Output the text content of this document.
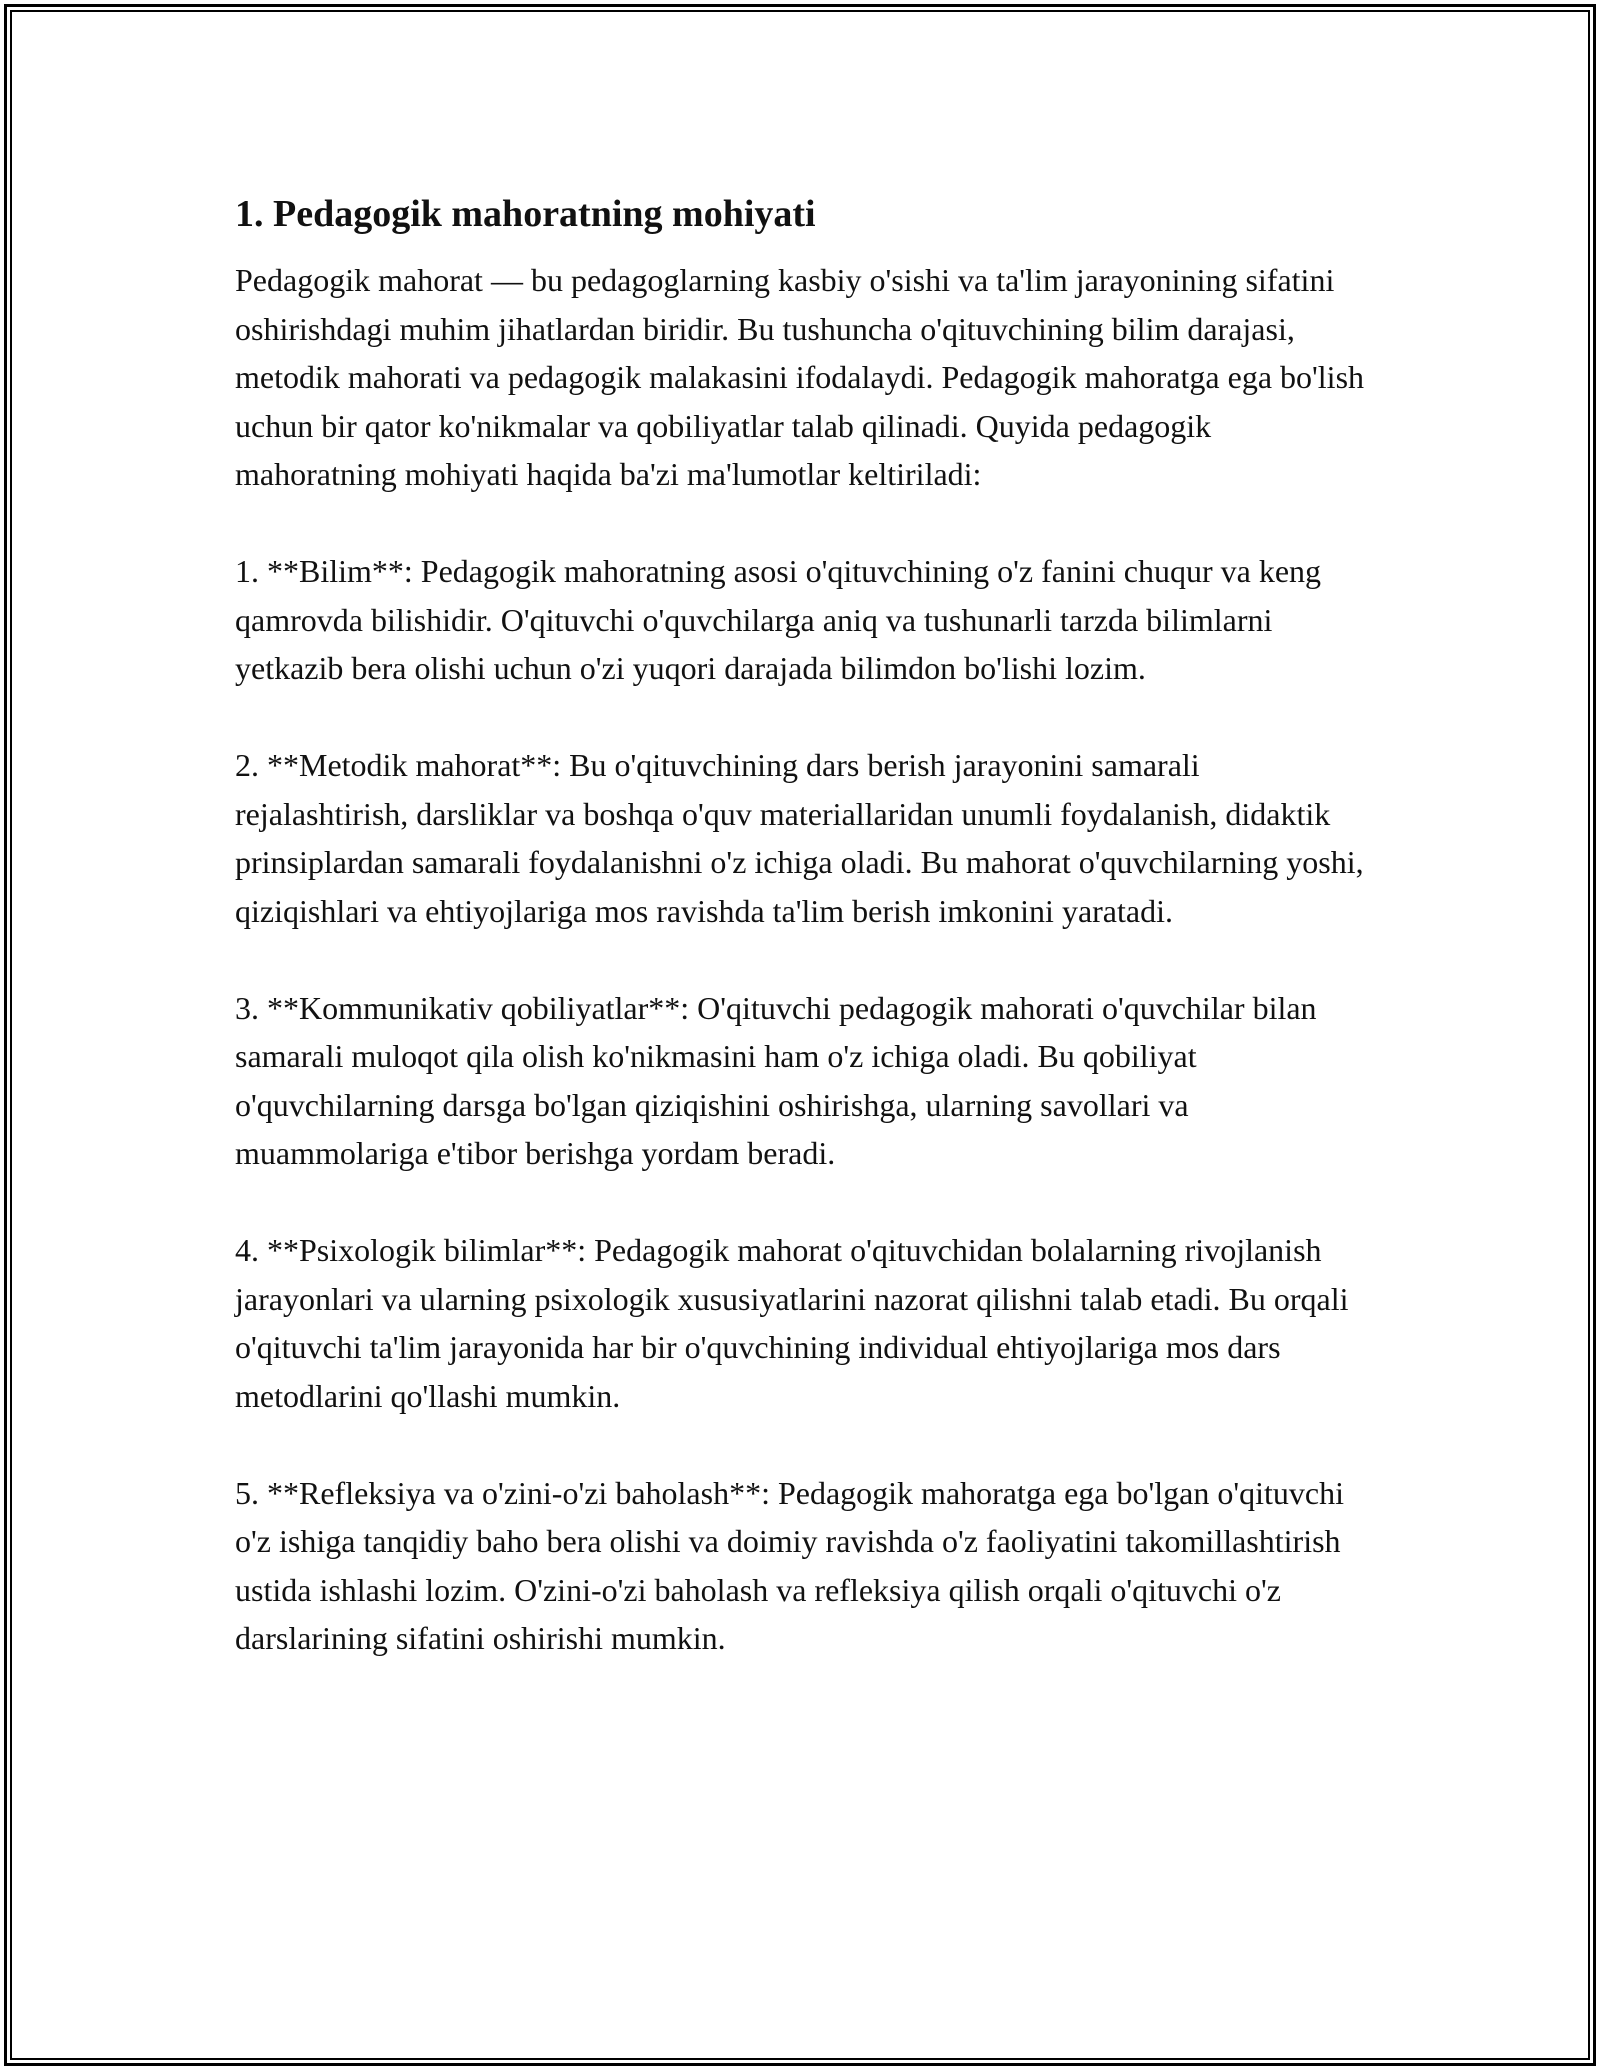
1. Pedagogik mahoratning mohiyati

Pedagogik mahorat — bu pedagoglarning kasbiy o'sishi va ta'lim jarayonining sifatini oshirishdagi muhim jihatlardan biridir. Bu tushuncha o'qituvchining bilim darajasi, metodik mahorati va pedagogik malakasini ifodalaydi. Pedagogik mahoratga ega bo'lish uchun bir qator ko'nikmalar va qobiliyatlar talab qilinadi. Quyida pedagogik mahoratning mohiyati haqida ba'zi ma'lumotlar keltiriladi:

1. **Bilim**: Pedagogik mahoratning asosi o'qituvchining o'z fanini chuqur va keng qamrovda bilishidir. O'qituvchi o'quvchilarga aniq va tushunarli tarzda bilimlarni yetkazib bera olishi uchun o'zi yuqori darajada bilimdon bo'lishi lozim.

2. **Metodik mahorat**: Bu o'qituvchining dars berish jarayonini samarali rejalashtirish, darsliklar va boshqa o'quv materiallaridan unumli foydalanish, didaktik prinsiplardan samarali foydalanishni o'z ichiga oladi. Bu mahorat o'quvchilarning yoshi, qiziqishlari va ehtiyojlariga mos ravishda ta'lim berish imkonini yaratadi.

3. **Kommunikativ qobiliyatlar**: O'qituvchi pedagogik mahorati o'quvchilar bilan samarali muloqot qila olish ko'nikmasini ham o'z ichiga oladi. Bu qobiliyat o'quvchilarning darsga bo'lgan qiziqishini oshirishga, ularning savollari va muammolariga e'tibor berishga yordam beradi.

4. **Psixologik bilimlar**: Pedagogik mahorat o'qituvchidan bolalarning rivojlanish jarayonlari va ularning psixologik xususiyatlarini nazorat qilishni talab etadi. Bu orqali o'qituvchi ta'lim jarayonida har bir o'quvchining individual ehtiyojlariga mos dars metodlarini qo'llashi mumkin.

5. **Refleksiya va o'zini-o'zi baholash**: Pedagogik mahoratga ega bo'lgan o'qituvchi o'z ishiga tanqidiy baho bera olishi va doimiy ravishda o'z faoliyatini takomillashtirish ustida ishlashi lozim. O'zini-o'zi baholash va refleksiya qilish orqali o'qituvchi o'z darslarining sifatini oshirishi mumkin.
